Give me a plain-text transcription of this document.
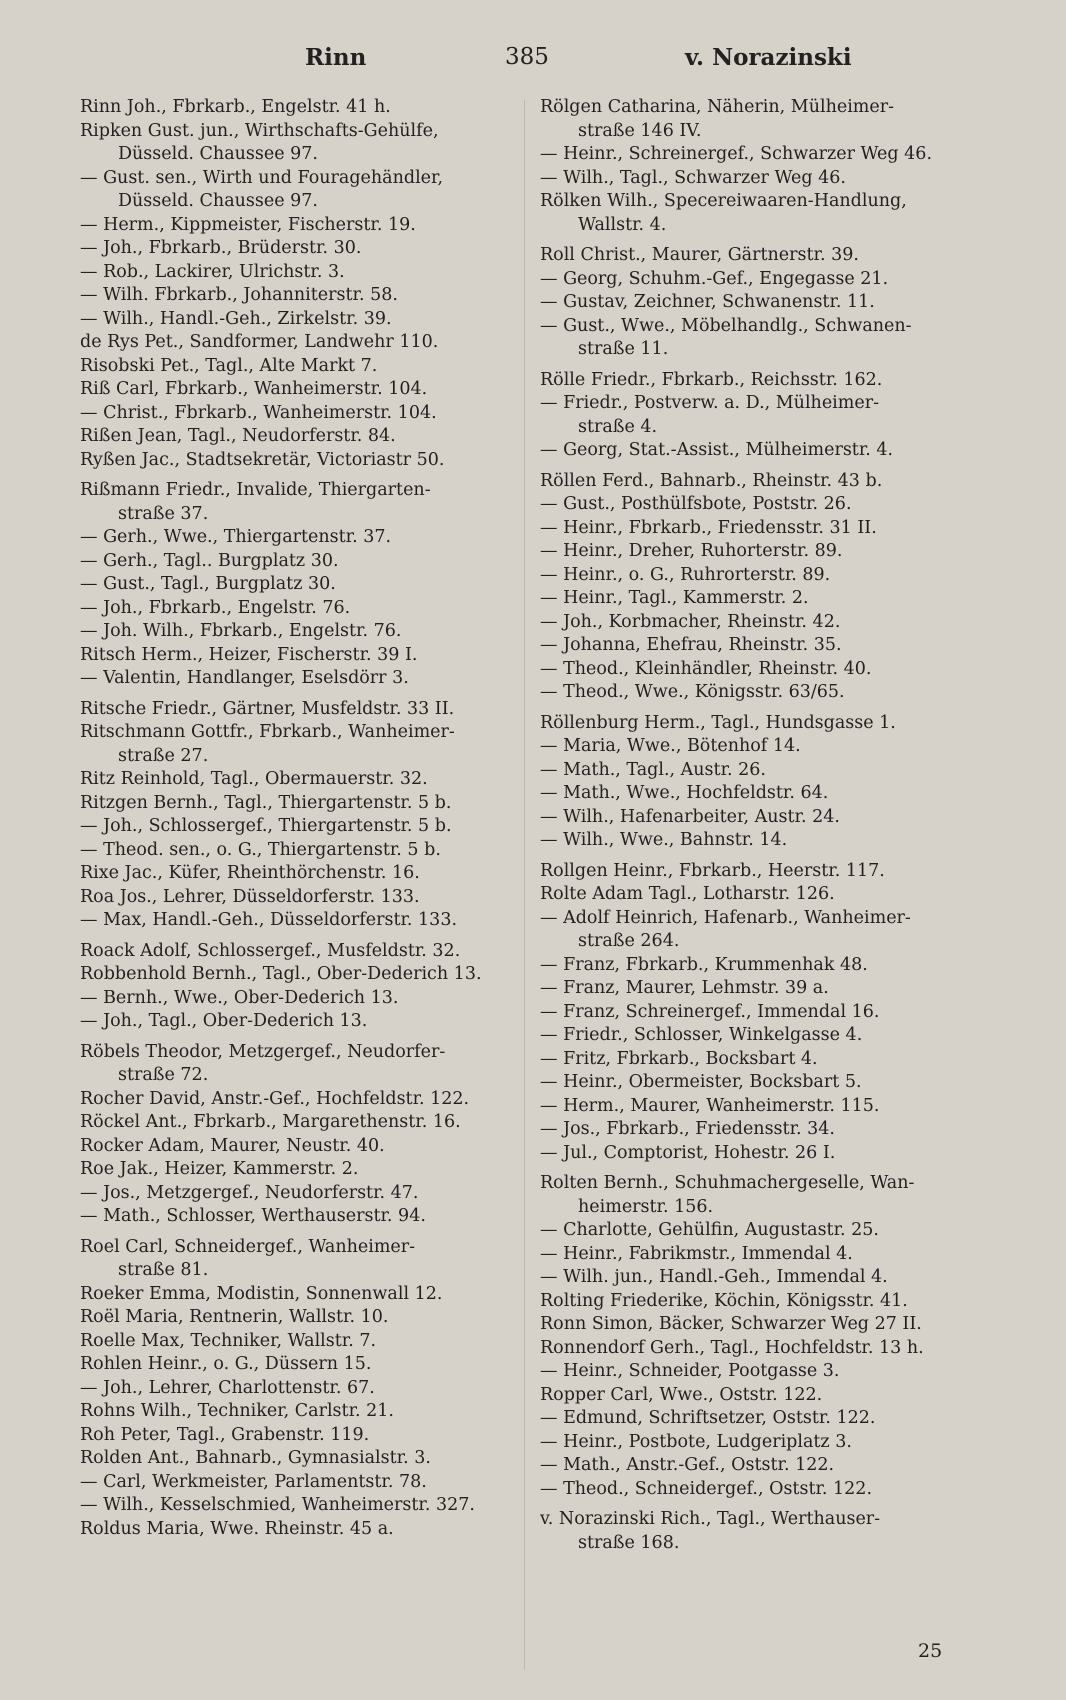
Rinn	385	v. Norazinski
Rinn Joh., Fbrkarb., Engelstr. 41 h.
Ripken Gust. jun., Wirthschafts-Gehülfe,
Düsseld. Chaussee 97.
— Gust. sen., Wirth und Fouragehändler,
Düsseld. Chaussee 97.
— Herm., Kippmeister, Fischerstr. 19.
— Joh., Fbrkarb., Brüderstr. 30.
— Rob., Lackirer, Ulrichstr. 3.
— Wilh. Fbrkarb., Johanniterstr. 58.
— Wilh., Handl.-Geh., Zirkelstr. 39.
de Rys Pet., Sandformer, Landwehr 110.
Risobski Pet., Tagl., Alte Markt 7.
Riß Carl, Fbrkarb., Wanheimerstr. 104.
— Christ., Fbrkarb., Wanheimerstr. 104.
Rißen Jean, Tagl., Neudorferstr. 84.
Ryßen Jac., Stadtsekretär, Victoriastr 50.
Rißmann Friedr., Invalide, Thiergarten-
straße 37.
— Gerh., Wwe., Thiergartenstr. 37.
— Gerh., Tagl.. Burgplatz 30.
— Gust., Tagl., Burgplatz 30.
— Joh., Fbrkarb., Engelstr. 76.
— Joh. Wilh., Fbrkarb., Engelstr. 76.
Ritsch Herm., Heizer, Fischerstr. 39 I.
— Valentin, Handlanger, Eselsdörr 3.
Ritsche Friedr., Gärtner, Musfeldstr. 33 II.
Ritschmann Gottfr., Fbrkarb., Wanheimer-
straße 27.
Ritz Reinhold, Tagl., Obermauerstr. 32.
Ritzgen Bernh., Tagl., Thiergartenstr. 5 b.
— Joh., Schlossergef., Thiergartenstr. 5 b.
— Theod. sen., o. G., Thiergartenstr. 5 b.
Rixe Jac., Küfer, Rheinthörchenstr. 16.
Roa Jos., Lehrer, Düsseldorferstr. 133.
— Max, Handl.-Geh., Düsseldorferstr. 133.
Roack Adolf, Schlossergef., Musfeldstr. 32.
Robbenhold Bernh., Tagl., Ober-Dederich 13.
— Bernh., Wwe., Ober-Dederich 13.
— Joh., Tagl., Ober-Dederich 13.
Röbels Theodor, Metzgergef., Neudorfer-
straße 72.
Rocher David, Anstr.-Gef., Hochfeldstr. 122.
Röckel Ant., Fbrkarb., Margarethenstr. 16.
Rocker Adam, Maurer, Neustr. 40.
Roe Jak., Heizer, Kammerstr. 2.
— Jos., Metzgergef., Neudorferstr. 47.
— Math., Schlosser, Werthauserstr. 94.
Roel Carl, Schneidergef., Wanheimer-
straße 81.
Roeker Emma, Modistin, Sonnenwall 12.
Roël Maria, Rentnerin, Wallstr. 10.
Roelle Max, Techniker, Wallstr. 7.
Rohlen Heinr., o. G., Düssern 15.
— Joh., Lehrer, Charlottenstr. 67.
Rohns Wilh., Techniker, Carlstr. 21.
Roh Peter, Tagl., Grabenstr. 119.
Rolden Ant., Bahnarb., Gymnasialstr. 3.
— Carl, Werkmeister, Parlamentstr. 78.
— Wilh., Kesselschmied, Wanheimerstr. 327.
Roldus Maria, Wwe. Rheinstr. 45 a.
Rölgen Catharina, Näherin, Mülheimer-
straße 146 IV.
— Heinr., Schreinergef., Schwarzer Weg 46.
— Wilh., Tagl., Schwarzer Weg 46.
Rölken Wilh., Specereiwaaren-Handlung,
Wallstr. 4.
Roll Christ., Maurer, Gärtnerstr. 39.
— Georg, Schuhm.-Gef., Engegasse 21.
— Gustav, Zeichner, Schwanenstr. 11.
— Gust., Wwe., Möbelhandlg., Schwanen-
straße 11.
Rölle Friedr., Fbrkarb., Reichsstr. 162.
— Friedr., Postverw. a. D., Mülheimer-
straße 4.
— Georg, Stat.-Assist., Mülheimerstr. 4.
Röllen Ferd., Bahnarb., Rheinstr. 43 b.
— Gust., Posthülfsbote, Poststr. 26.
— Heinr., Fbrkarb., Friedensstr. 31 II.
— Heinr., Dreher, Ruhorterstr. 89.
— Heinr., o. G., Ruhrorterstr. 89.
— Heinr., Tagl., Kammerstr. 2.
— Joh., Korbmacher, Rheinstr. 42.
— Johanna, Ehefrau, Rheinstr. 35.
— Theod., Kleinhändler, Rheinstr. 40.
— Theod., Wwe., Königsstr. 63/65.
Röllenburg Herm., Tagl., Hundsgasse 1.
— Maria, Wwe., Bötenhof 14.
— Math., Tagl., Austr. 26.
— Math., Wwe., Hochfeldstr. 64.
— Wilh., Hafenarbeiter, Austr. 24.
— Wilh., Wwe., Bahnstr. 14.
Rollgen Heinr., Fbrkarb., Heerstr. 117.
Rolte Adam Tagl., Lotharstr. 126.
— Adolf Heinrich, Hafenarb., Wanheimer-
straße 264.
— Franz, Fbrkarb., Krummenhak 48.
— Franz, Maurer, Lehmstr. 39 a.
— Franz, Schreinergef., Immendal 16.
— Friedr., Schlosser, Winkelgasse 4.
— Fritz, Fbrkarb., Bocksbart 4.
— Heinr., Obermeister, Bocksbart 5.
— Herm., Maurer, Wanheimerstr. 115.
— Jos., Fbrkarb., Friedensstr. 34.
— Jul., Comptorist, Hohestr. 26 I.
Rolten Bernh., Schuhmachergeselle, Wan-
heimerstr. 156.
— Charlotte, Gehülfin, Augustastr. 25.
— Heinr., Fabrikmstr., Immendal 4.
— Wilh. jun., Handl.-Geh., Immendal 4.
Rolting Friederike, Köchin, Königsstr. 41.
Ronn Simon, Bäcker, Schwarzer Weg 27 II.
Ronnendorf Gerh., Tagl., Hochfeldstr. 13 h.
— Heinr., Schneider, Pootgasse 3.
Ropper Carl, Wwe., Oststr. 122.
— Edmund, Schriftsetzer, Oststr. 122.
— Heinr., Postbote, Ludgeriplatz 3.
— Math., Anstr.-Gef., Oststr. 122.
— Theod., Schneidergef., Oststr. 122.
v. Norazinski Rich., Tagl., Werthauser-
straße 168.
25
